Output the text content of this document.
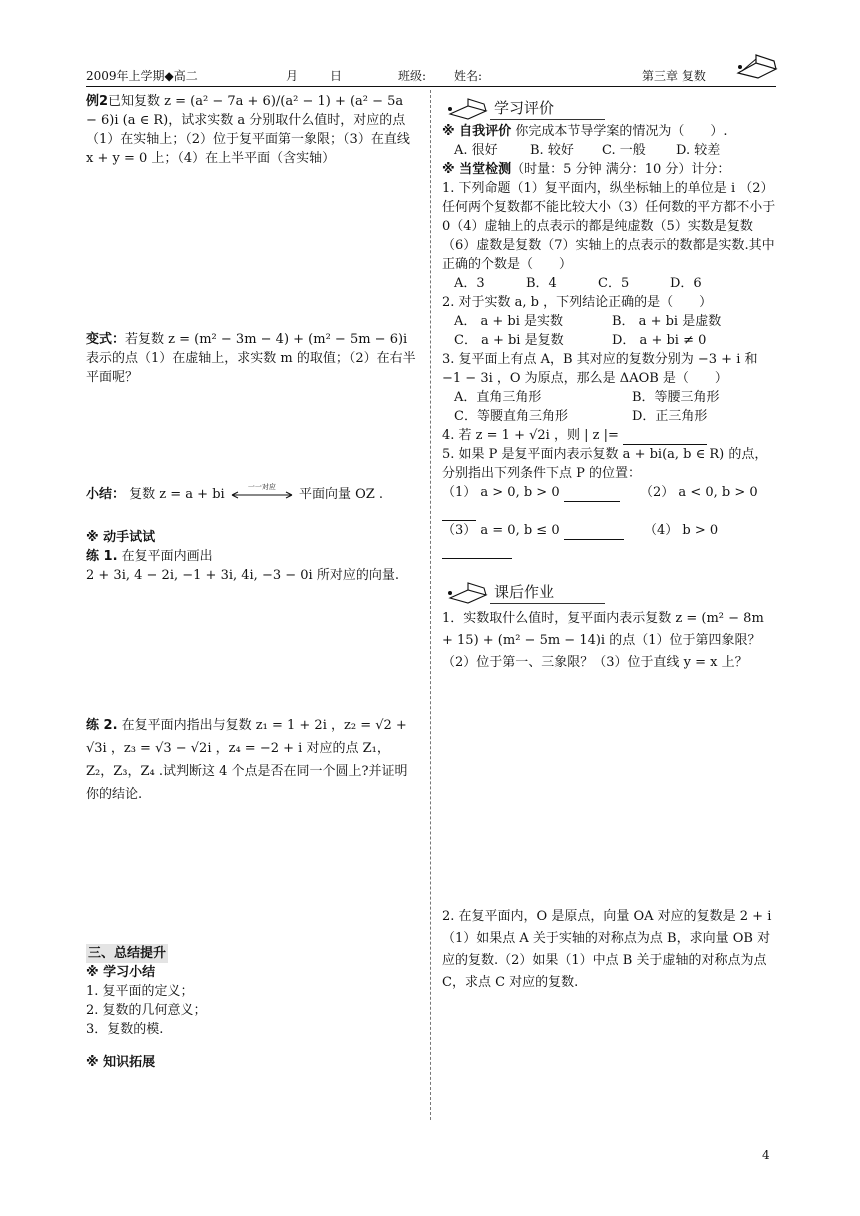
2009年上学期◆高二	月	日	班级: 姓名:	第三章 复数

例2已知复数 z = (a² − 7a + 6)/(a² − 1) + (a² − 5a − 6)i (a ∈ R)，试求实数 a 分别取什么值时，对应的点（1）在实轴上；（2）位于复平面第一象限；（3）在直线 x + y = 0 上；（4）在上半平面（含实轴）

变式：若复数 z = (m² − 3m − 4) + (m² − 5m − 6)i 表示的点（1）在虚轴上，求实数 m 的取值；（2）在右半平面呢？

小结： 复数 z = a + bi
一一对应
平面向量 OZ .

※ 动手试试

练 1. 在复平面内画出

2 + 3i, 4 − 2i, −1 + 3i, 4i, −3 − 0i 所对应的向量.

练 2. 在复平面内指出与复数 z₁ = 1 + 2i ，z₂ = √2 + √3i ，z₃ = √3 − √2i ，z₄ = −2 + i 对应的点 Z₁，Z₂，Z₃，Z₄ .试判断这 4 个点是否在同一个圆上?并证明你的结论.

三、总结提升

※ 学习小结

1. 复平面的定义；

2. 复数的几何意义；

3．复数的模.

※ 知识拓展

学习评价

※ 自我评价 你完成本节导学案的情况为（　　）.

A. 很好 B. 较好 C. 一般 D. 较差

※ 当堂检测（时量：5 分钟 满分：10 分）计分：

1. 下列命题（1）复平面内，纵坐标轴上的单位是 i （2）任何两个复数都不能比较大小（3）任何数的平方都不小于 0（4）虚轴上的点表示的都是纯虚数（5）实数是复数（6）虚数是复数（7）实轴上的点表示的数都是实数.其中正确的个数是（　　）

A．3	B．4	C．5	D．6

2. 对于实数 a, b ，下列结论正确的是（　　）

A． a + bi 是实数	B． a + bi 是虚数

C． a + bi 是复数	D． a + bi ≠ 0

3. 复平面上有点 A，B 其对应的复数分别为 −3 + i 和 −1 − 3i ，O 为原点，那么是 ΔAOB 是（　　）

A．直角三角形	B．等腰三角形

C．等腰直角三角形	D．正三角形

4. 若 z = 1 + √2i ，则 | z |=

5. 如果 P 是复平面内表示复数 a + bi(a, b ∈ R) 的点，分别指出下列条件下点 P 的位置：

（1） a > 0, b > 0	（2） a < 0, b > 0

（3） a = 0, b ≤ 0	（4） b > 0

课后作业

1．实数取什么值时，复平面内表示复数 z = (m² − 8m + 15) + (m² − 5m − 14)i 的点（1）位于第四象限？（2）位于第一、三象限？（3）位于直线 y = x 上？

2. 在复平面内，O 是原点，向量 OA 对应的复数是 2 + i （1）如果点 A 关于实轴的对称点为点 B，求向量 OB 对应的复数.（2）如果（1）中点 B 关于虚轴的对称点为点 C，求点 C 对应的复数.

4
